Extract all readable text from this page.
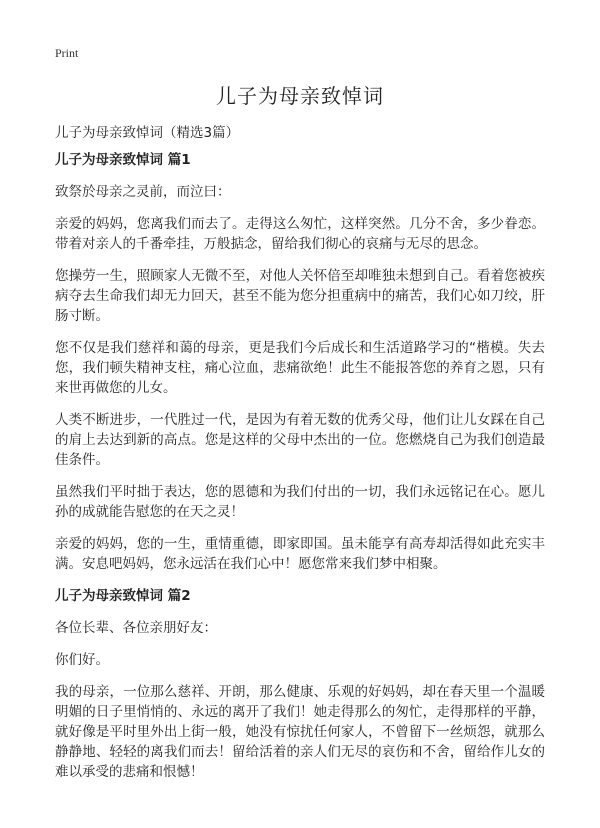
Print
儿子为母亲致悼词

儿子为母亲致悼词（精选3篇）

儿子为母亲致悼词 篇1

致祭於母亲之灵前，而泣曰：

亲爱的妈妈，您离我们而去了。走得这么匆忙，这样突然。几分不舍，多少眷恋。带着对亲人的千番牵挂，万般掂念，留给我们彻心的哀痛与无尽的思念。

您操劳一生，照顾家人无微不至，对他人关怀倍至却唯独未想到自己。看着您被疾病夺去生命我们却无力回天，甚至不能为您分担重病中的痛苦，我们心如刀绞，肝肠寸断。

您不仅是我们慈祥和蔼的母亲，更是我们今后成长和生活道路学习的“楷模。失去您，我们顿失精神支柱，痛心泣血，悲痛欲绝！此生不能报答您的养育之恩，只有来世再做您的儿女。

人类不断进步，一代胜过一代，是因为有着无数的优秀父母，他们让儿女踩在自己的肩上去达到新的高点。您是这样的父母中杰出的一位。您燃烧自己为我们创造最佳条件。

虽然我们平时拙于表达，您的恩德和为我们付出的一切，我们永远铭记在心。愿儿孙的成就能告慰您的在天之灵！

亲爱的妈妈，您的一生，重情重德，即家即国。虽未能享有高寿却活得如此充实丰满。安息吧妈妈，您永远活在我们心中！愿您常来我们梦中相聚。

儿子为母亲致悼词 篇2

各位长辈、各位亲朋好友：

你们好。

我的母亲，一位那么慈祥、开朗，那么健康、乐观的好妈妈，却在春天里一个温暖明媚的日子里悄悄的、永远的离开了我们！她走得那么的匆忙，走得那样的平静，就好像是平时里外出上街一般，她没有惊扰任何家人，不曾留下一丝烦怨，就那么静静地、轻轻的离我们而去！留给活着的亲人们无尽的哀伤和不舍，留给作儿女的难以承受的悲痛和恨憾！
